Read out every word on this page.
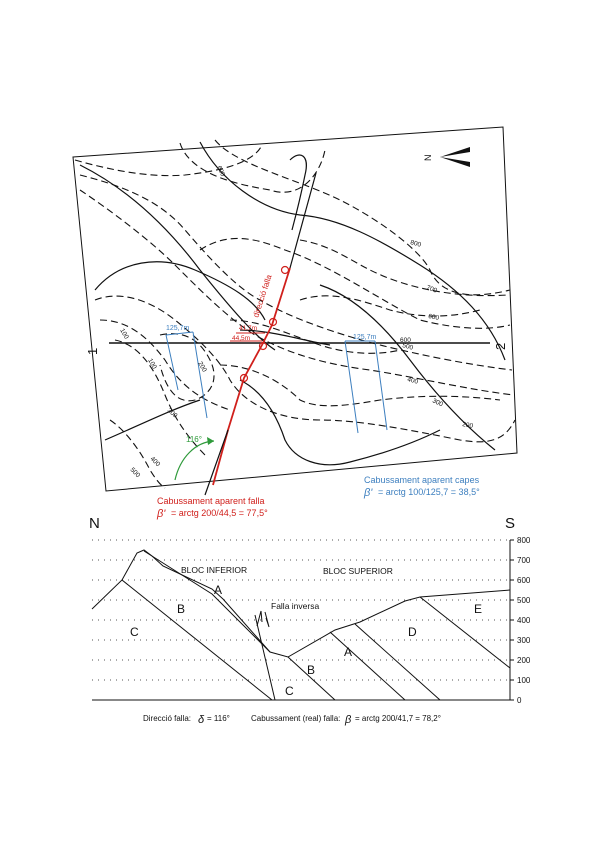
1
2
N
direcció falla
41,7m
44,5m
125,7m
125,7m
116°
600
800
700
600
500
400
300
200
100
100	200
300
400
500
600
Cabussament aparent falla
β' = arctg 200/44,5 = 77,5°
Cabussament aparent capes
β' = arctg 100/125,7 = 38,5°
N	S
800
700
600
500
400
300
200
100
0
BLOC INFERIOR	BLOC SUPERIOR
Falla inversa
A
B
C
C
B
A
D
E
Direcció falla: δ = 116°	Cabussament (real) falla: β = arctg 200/41,7 = 78,2°
